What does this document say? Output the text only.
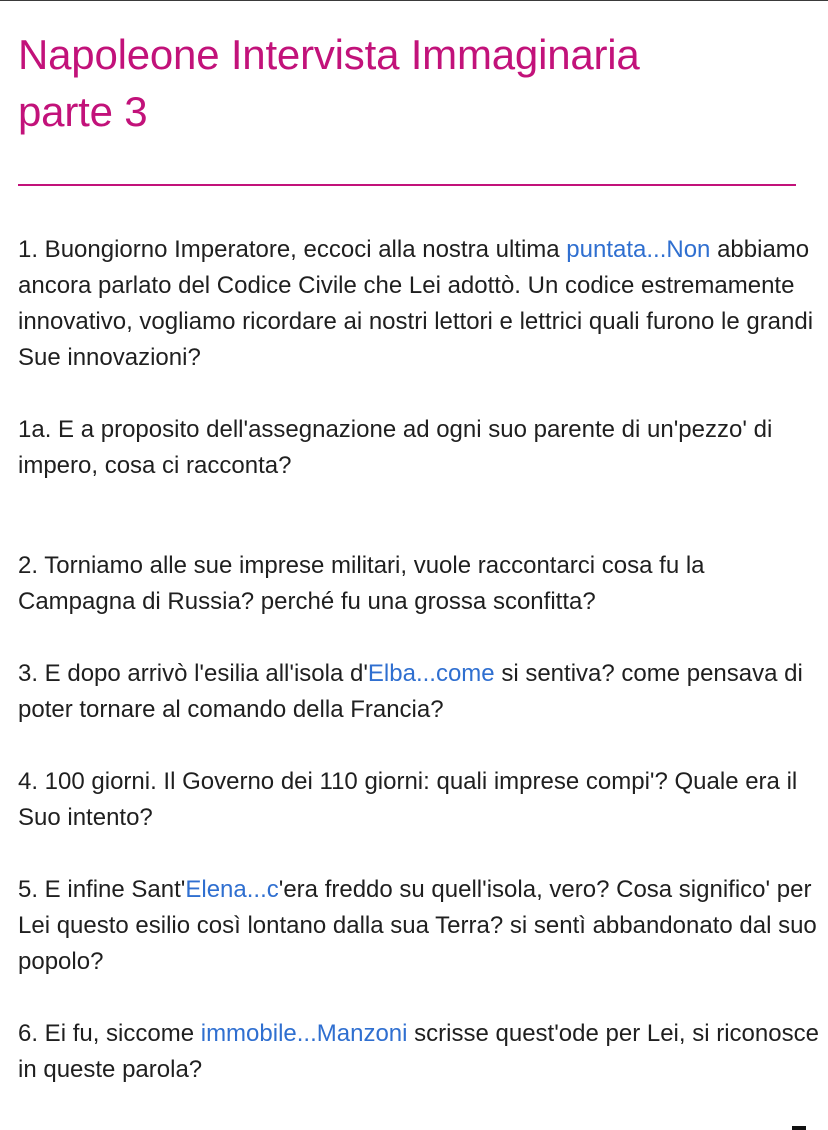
Napoleone Intervista Immaginaria
parte 3

1. Buongiorno Imperatore, eccoci alla nostra ultima puntata...Non abbiamo ancora parlato del Codice Civile che Lei adottò. Un codice estremamente innovativo, vogliamo ricordare ai nostri lettori e lettrici quali furono le grandi Sue innovazioni?

1a. E a proposito dell'assegnazione ad ogni suo parente di un'pezzo' di impero, cosa ci racconta?

2. Torniamo alle sue imprese militari, vuole raccontarci cosa fu la Campagna di Russia? perché fu una grossa sconfitta?

3. E dopo arrivò l'esilia all'isola d'Elba...come si sentiva? come pensava di poter tornare al comando della Francia?

4. 100 giorni. Il Governo dei 110 giorni: quali imprese compi'? Quale era il Suo intento?

5. E infine Sant'Elena...c'era freddo su quell'isola, vero? Cosa significo' per Lei questo esilio così lontano dalla sua Terra? si sentì abbandonato dal suo popolo?

6. Ei fu, siccome immobile...Manzoni scrisse quest'ode per Lei, si riconosce in queste parola?
